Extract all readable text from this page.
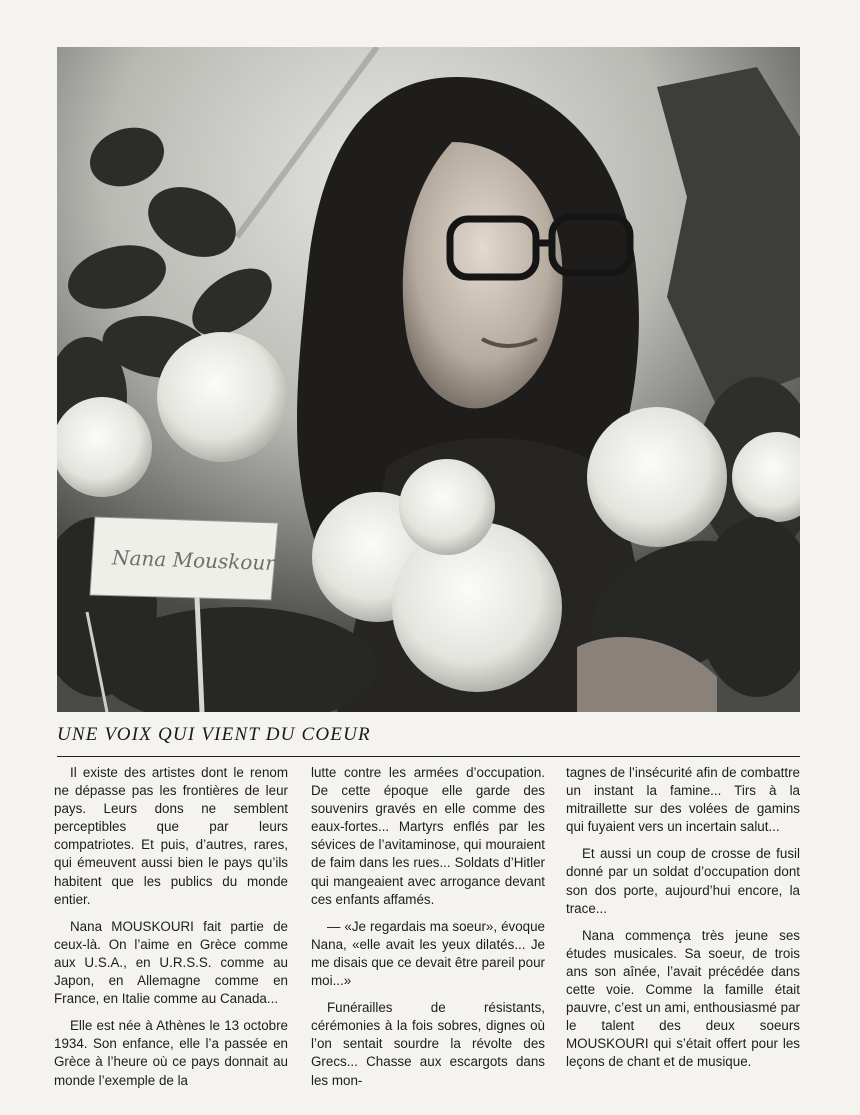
Nana Mouskouri
UNE VOIX QUI VIENT DU COEUR

Il existe des artistes dont le renom ne dépasse pas les frontières de leur pays. Leurs dons ne semblent perceptibles que par leurs compatriotes. Et puis, d’autres, rares, qui émeuvent aussi bien le pays qu’ils habitent que les publics du monde entier.

Nana MOUSKOURI fait partie de ceux-là. On l’aime en Grèce comme aux U.S.A., en U.R.S.S. comme au Japon, en Allemagne comme en France, en Italie comme au Canada...

Elle est née à Athènes le 13 octobre 1934. Son enfance, elle l’a passée en Grèce à l’heure où ce pays donnait au monde l’exemple de la

lutte contre les armées d’occupation. De cette époque elle garde des souvenirs gravés en elle comme des eaux-fortes... Martyrs enflés par les sévices de l’avitaminose, qui mouraient de faim dans les rues... Soldats d’Hitler qui mangeaient avec arrogance devant ces enfants affamés.

— «Je regardais ma soeur», évoque Nana, «elle avait les yeux dilatés... Je me disais que ce devait être pareil pour moi...»

Funérailles de résistants, cérémonies à la fois sobres, dignes où l’on sentait sourdre la révolte des Grecs... Chasse aux escargots dans les mon-

tagnes de l’insécurité afin de combattre un instant la famine... Tirs à la mitraillette sur des volées de gamins qui fuyaient vers un incertain salut...

Et aussi un coup de crosse de fusil donné par un soldat d’occupation dont son dos porte, aujourd’hui encore, la trace...

Nana commença très jeune ses études musicales. Sa soeur, de trois ans son aînée, l’avait précédée dans cette voie. Comme la famille était pauvre, c’est un ami, enthousiasmé par le talent des deux soeurs MOUSKOURI qui s’était offert pour les leçons de chant et de musique.
